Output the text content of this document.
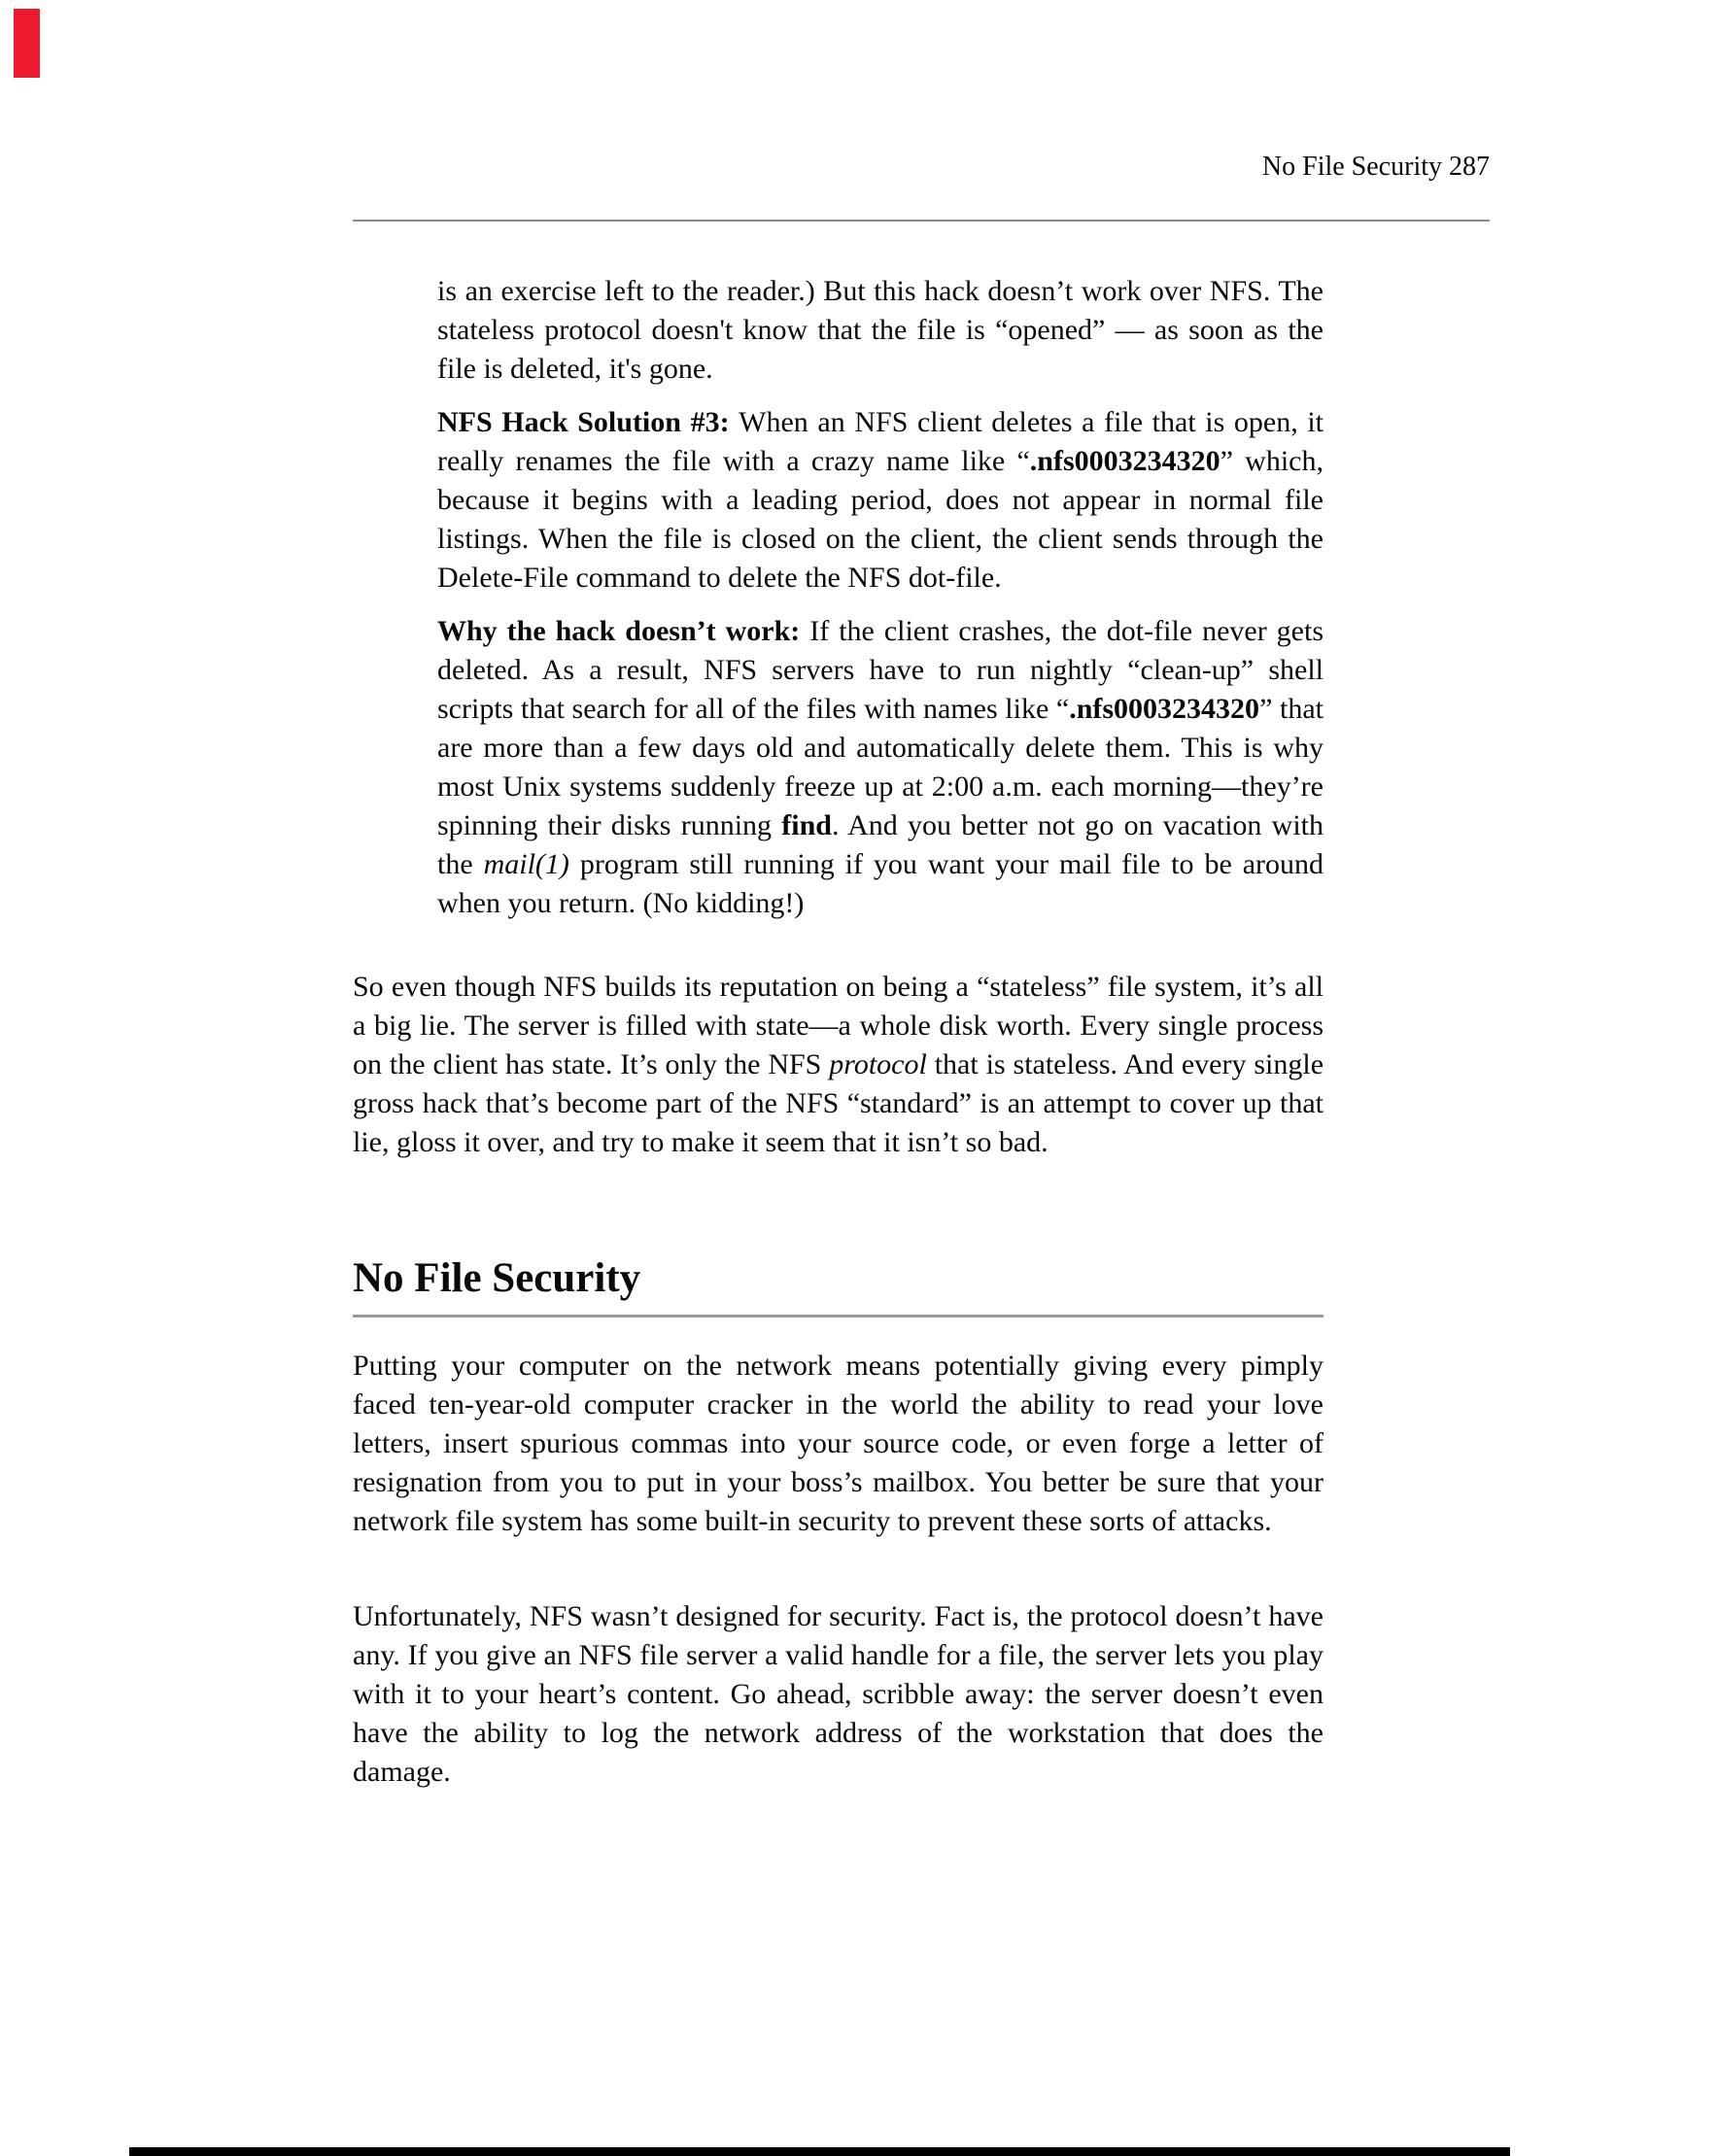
No File Security 287

is an exercise left to the reader.) But this hack doesn’t work over NFS. The stateless protocol doesn't know that the file is “opened” — as soon as the file is deleted, it's gone.

NFS Hack Solution #3: When an NFS client deletes a file that is open, it really renames the file with a crazy name like “.nfs0003234320” which, because it begins with a leading period, does not appear in normal file listings. When the file is closed on the client, the client sends through the Delete-File command to delete the NFS dot-file.

Why the hack doesn’t work: If the client crashes, the dot-file never gets deleted. As a result, NFS servers have to run nightly “clean-up” shell scripts that search for all of the files with names like “.nfs0003234320” that are more than a few days old and automatically delete them. This is why most Unix systems suddenly freeze up at 2:00 a.m. each morning—they’re spinning their disks running find. And you better not go on vacation with the mail(1) program still running if you want your mail file to be around when you return. (No kidding!)

So even though NFS builds its reputation on being a “stateless” file system, it’s all a big lie. The server is filled with state—a whole disk worth. Every single process on the client has state. It’s only the NFS protocol that is stateless. And every single gross hack that’s become part of the NFS “standard” is an attempt to cover up that lie, gloss it over, and try to make it seem that it isn’t so bad.

No File Security

Putting your computer on the network means potentially giving every pimply faced ten-year-old computer cracker in the world the ability to read your love letters, insert spurious commas into your source code, or even forge a letter of resignation from you to put in your boss’s mailbox. You better be sure that your network file system has some built-in security to prevent these sorts of attacks.

Unfortunately, NFS wasn’t designed for security. Fact is, the protocol doesn’t have any. If you give an NFS file server a valid handle for a file, the server lets you play with it to your heart’s content. Go ahead, scribble away: the server doesn’t even have the ability to log the network address of the workstation that does the damage.
